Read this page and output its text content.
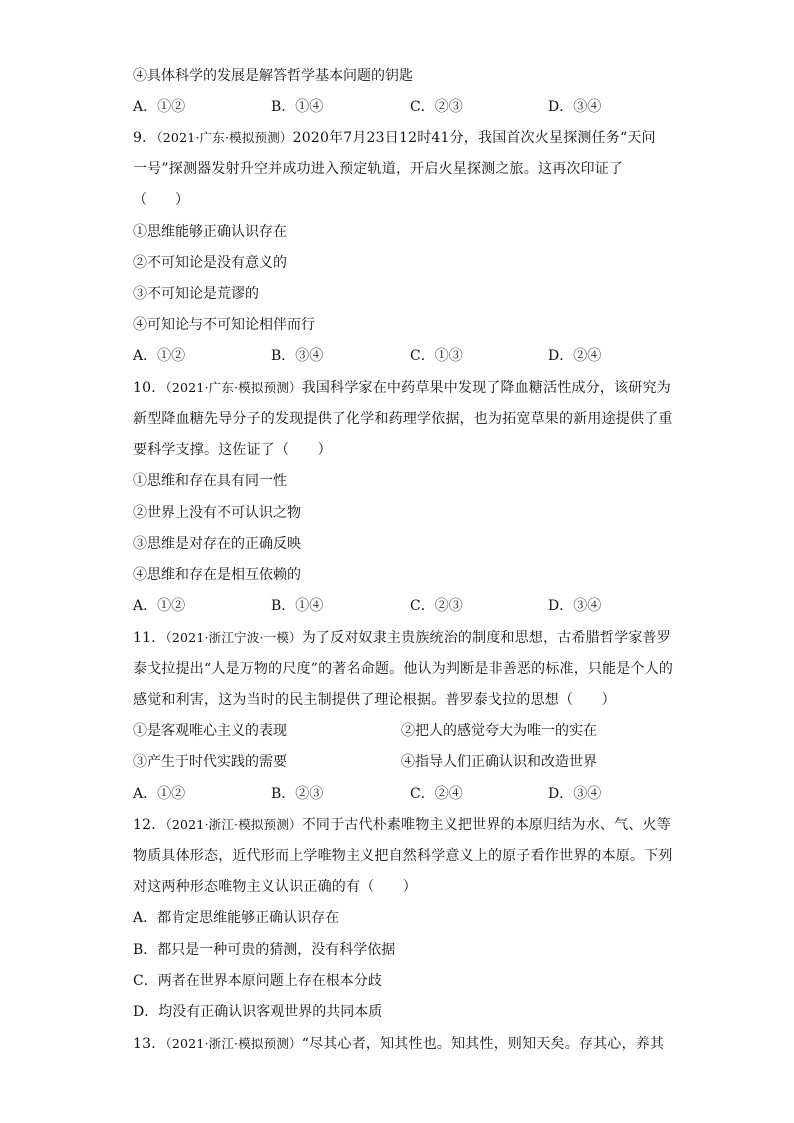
④具体科学的发展是解答哲学基本问题的钥匙
A．①②	B．①④	C．②③	D．③④
9．（2021·广东·模拟预测）2020年7月23日12时41分，我国首次火星探测任务“天问
一号”探测器发射升空并成功进入预定轨道，开启火星探测之旅。这再次印证了
（　　）
①思维能够正确认识存在
②不可知论是没有意义的
③不可知论是荒谬的
④可知论与不可知论相伴而行
A．①②	B．③④	C．①③	D．②④
10．（2021·广东·模拟预测）我国科学家在中药草果中发现了降血糖活性成分，该研究为
新型降血糖先导分子的发现提供了化学和药理学依据，也为拓宽草果的新用途提供了重
要科学支撑。这佐证了（　　）
①思维和存在具有同一性
②世界上没有不可认识之物
③思维是对存在的正确反映
④思维和存在是相互依赖的
A．①②	B．①④	C．②③	D．③④
11．（2021·浙江宁波·一模）为了反对奴隶主贵族统治的制度和思想，古希腊哲学家普罗
泰戈拉提出“人是万物的尺度”的著名命题。他认为判断是非善恶的标准，只能是个人的
感觉和利害，这为当时的民主制提供了理论根据。普罗泰戈拉的思想（　　）
①是客观唯心主义的表现	②把人的感觉夸大为唯一的实在
③产生于时代实践的需要	④指导人们正确认识和改造世界
A．①②	B．②③	C．②④	D．③④
12．（2021·浙江·模拟预测）不同于古代朴素唯物主义把世界的本原归结为水、气、火等
物质具体形态，近代形而上学唯物主义把自然科学意义上的原子看作世界的本原。下列
对这两种形态唯物主义认识正确的有（　　）
A．都肯定思维能够正确认识存在
B．都只是一种可贵的猜测，没有科学依据
C．两者在世界本原问题上存在根本分歧
D．均没有正确认识客观世界的共同本质
13．（2021·浙江·模拟预测）“尽其心者，知其性也。知其性，则知天矣。存其心，养其
